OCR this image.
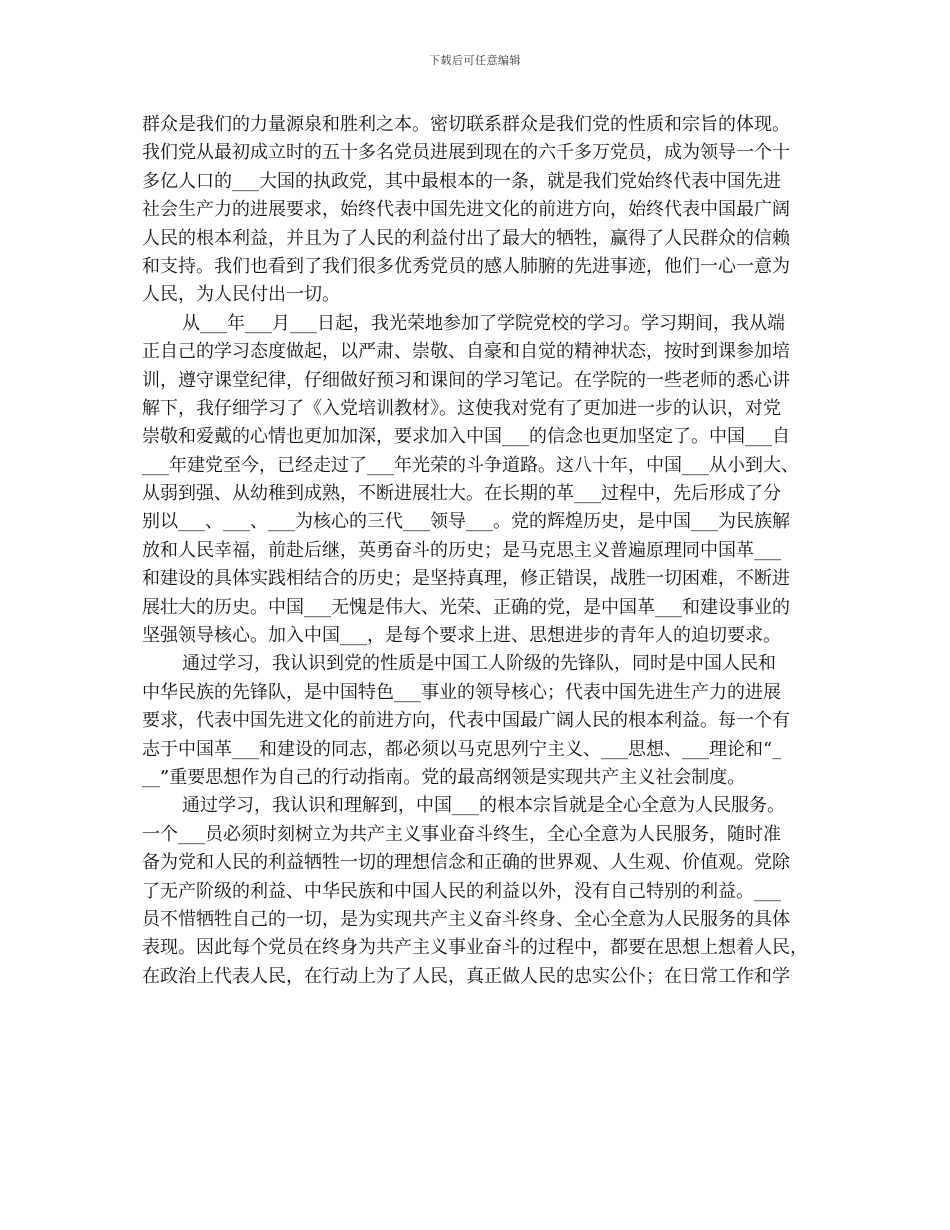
下载后可任意编辑
群众是我们的力量源泉和胜利之本。密切联系群众是我们党的性质和宗旨的体现。
我们党从最初成立时的五十多名党员进展到现在的六千多万党员，成为领导一个十
多亿人口的___大国的执政党，其中最根本的一条，就是我们党始终代表中国先进
社会生产力的进展要求，始终代表中国先进文化的前进方向，始终代表中国最广阔
人民的根本利益，并且为了人民的利益付出了最大的牺牲，赢得了人民群众的信赖
和支持。我们也看到了我们很多优秀党员的感人肺腑的先进事迹，他们一心一意为
人民，为人民付出一切。
从___年___月___日起，我光荣地参加了学院党校的学习。学习期间，我从端
正自己的学习态度做起，以严肃、崇敬、自豪和自觉的精神状态，按时到课参加培
训，遵守课堂纪律，仔细做好预习和课间的学习笔记。在学院的一些老师的悉心讲
解下，我仔细学习了《入党培训教材》。这使我对党有了更加进一步的认识，对党
崇敬和爱戴的心情也更加加深，要求加入中国___的信念也更加坚定了。中国___自
___年建党至今，已经走过了___年光荣的斗争道路。这八十年，中国___从小到大、
从弱到强、从幼稚到成熟，不断进展壮大。在长期的革___过程中，先后形成了分
别以___、___、___为核心的三代___领导___。党的辉煌历史，是中国___为民族解
放和人民幸福，前赴后继，英勇奋斗的历史；是马克思主义普遍原理同中国革___
和建设的具体实践相结合的历史；是坚持真理，修正错误，战胜一切困难，不断进
展壮大的历史。中国___无愧是伟大、光荣、正确的党，是中国革___和建设事业的
坚强领导核心。加入中国___，是每个要求上进、思想进步的青年人的迫切要求。
通过学习，我认识到党的性质是中国工人阶级的先锋队，同时是中国人民和
中华民族的先锋队，是中国特色___事业的领导核心；代表中国先进生产力的进展
要求，代表中国先进文化的前进方向，代表中国最广阔人民的根本利益。每一个有
志于中国革___和建设的同志，都必须以马克思列宁主义、___思想、___理论和“_
__”重要思想作为自己的行动指南。党的最高纲领是实现共产主义社会制度。
通过学习，我认识和理解到，中国___的根本宗旨就是全心全意为人民服务。
一个___员必须时刻树立为共产主义事业奋斗终生，全心全意为人民服务，随时准
备为党和人民的利益牺牲一切的理想信念和正确的世界观、人生观、价值观。党除
了无产阶级的利益、中华民族和中国人民的利益以外，没有自己特别的利益。___
员不惜牺牲自己的一切，是为实现共产主义奋斗终身、全心全意为人民服务的具体
表现。因此每个党员在终身为共产主义事业奋斗的过程中，都要在思想上想着人民，
在政治上代表人民，在行动上为了人民，真正做人民的忠实公仆；在日常工作和学
